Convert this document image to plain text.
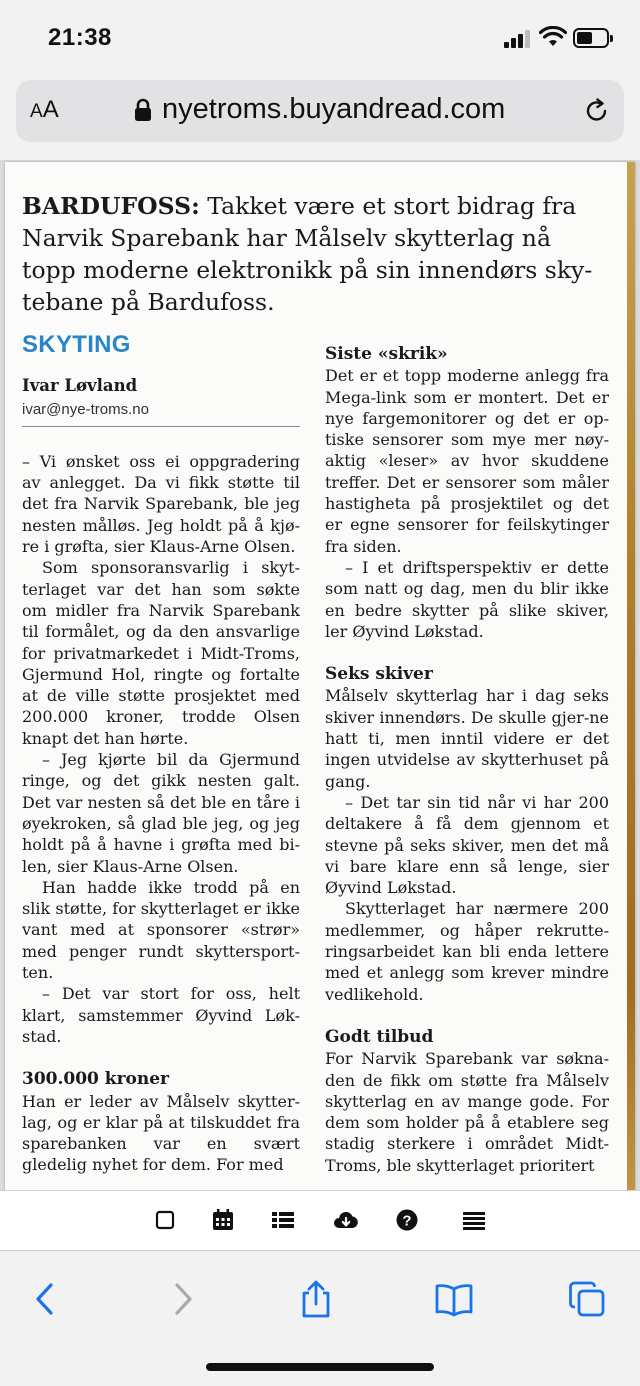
21:38
AA	nyetroms.buyandread.com
BARDUFOSS: Takket være et stort bidrag fra Narvik Sparebank har Målselv skytterlag nå topp moderne elektronikk på sin innendørs sky-tebane på Bardufoss.
SKYTING
Ivar Løvland
ivar@nye-troms.no

– Vi ønsket oss ei oppgradering av anlegget. Da vi fikk støtte til det fra Narvik Sparebank, ble jeg nesten målløs. Jeg holdt på å kjø-re i grøfta, sier Klaus-Arne Olsen.

Som sponsoransvarlig i skyt-terlaget var det han som søkte om midler fra Narvik Sparebank til formålet, og da den ansvarlige for privatmarkedet i Midt-Troms, Gjermund Hol, ringte og fortalte at de ville støtte prosjektet med 200.000 kroner, trodde Olsen knapt det han hørte.

– Jeg kjørte bil da Gjermund ringe, og det gikk nesten galt. Det var nesten så det ble en tåre i øyekroken, så glad ble jeg, og jeg holdt på å havne i grøfta med bi-len, sier Klaus-Arne Olsen.

Han hadde ikke trodd på en slik støtte, for skytterlaget er ikke vant med at sponsorer «strør» med penger rundt skyttersport-ten.

– Det var stort for oss, helt klart, samstemmer Øyvind Løk-stad.

300.000 kroner

Han er leder av Målselv skytter-lag, og er klar på at tilskuddet fra sparebanken var en svært gledelig nyhet for dem. For med

Siste «skrik»

Det er et topp moderne anlegg fra Mega-link som er montert. Det er nye fargemonitorer og det er op-tiske sensorer som mye mer nøy-aktig «leser» av hvor skuddene treffer. Det er sensorer som måler hastigheta på prosjektilet og det er egne sensorer for feilskytinger fra siden.

– I et driftsperspektiv er dette som natt og dag, men du blir ikke en bedre skytter på slike skiver, ler Øyvind Løkstad.

Seks skiver

Målselv skytterlag har i dag seks skiver innendørs. De skulle gjer-ne hatt ti, men inntil videre er det ingen utvidelse av skytterhuset på gang.

– Det tar sin tid når vi har 200 deltakere å få dem gjennom et stevne på seks skiver, men det må vi bare klare enn så lenge, sier Øyvind Løkstad.

Skytterlaget har nærmere 200 medlemmer, og håper rekrutte-ringsarbeidet kan bli enda lettere med et anlegg som krever mindre vedlikehold.

Godt tilbud

For Narvik Sparebank var søkna-den de fikk om støtte fra Målselv skytterlag en av mange gode. For dem som holder på å etablere seg stadig sterkere i området Midt-Troms, ble skytterlaget prioritert

?
